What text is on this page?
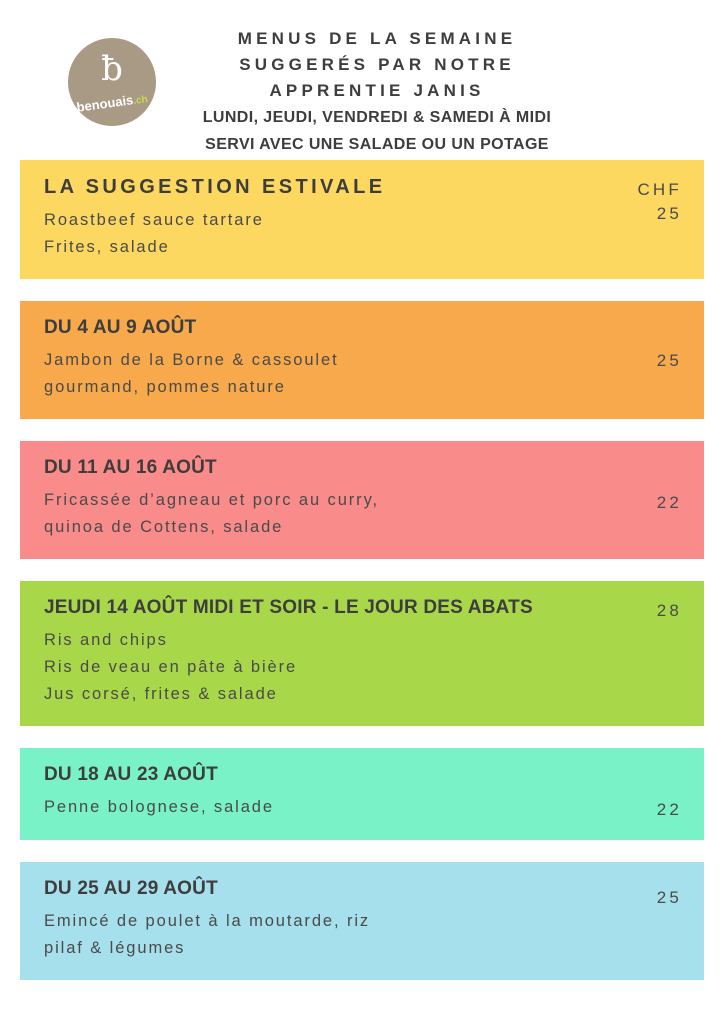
ƀ
benouais.ch
MENUS DE LA SEMAINE
SUGGERÉS PAR NOTRE
APPRENTIE JANIS
LUNDI, JEUDI, VENDREDI & SAMEDI À MIDI
SERVI AVEC UNE SALADE OU UN POTAGE
LA SUGGESTION ESTIVALE
Roastbeef sauce tartare
Frites, salade
CHF
25
DU 4 AU 9 AOÛT
Jambon de la Borne & cassoulet
gourmand, pommes nature
25
DU 11 AU 16 AOÛT
Fricassée d’agneau et porc au curry,
quinoa de Cottens, salade
22
JEUDI 14 AOÛT MIDI ET SOIR - LE JOUR DES ABATS
Ris and chips
Ris de veau en pâte à bière
Jus corsé, frites & salade
28
DU 18 AU 23 AOÛT
Penne bolognese, salade	22
DU 25 AU 29 AOÛT
Emincé de poulet à la moutarde, riz
pilaf & légumes
25
